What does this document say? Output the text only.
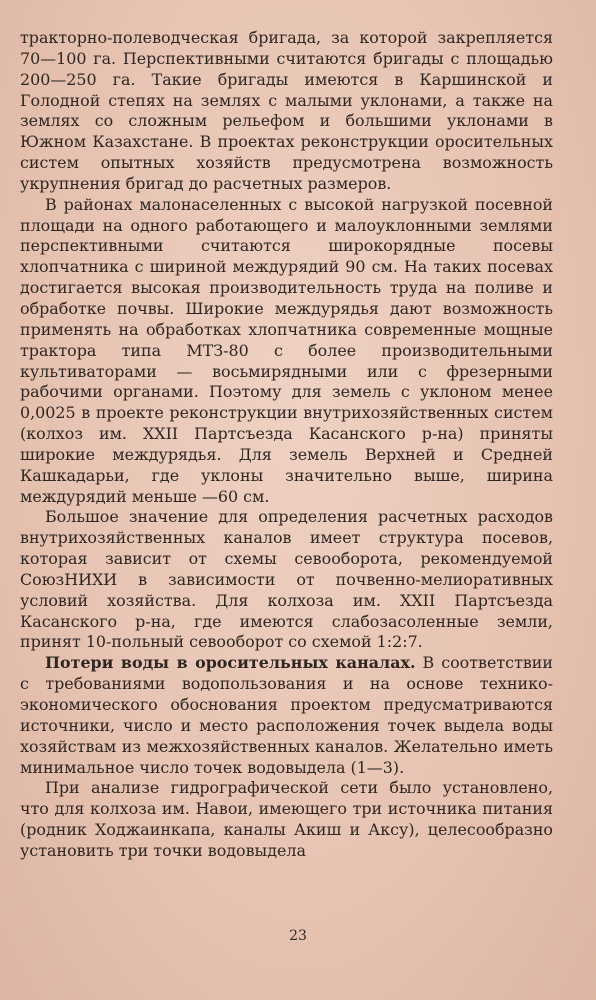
тракторно-полеводческая бригада, за которой закрепляется 70—100 га. Перспективными считаются бригады с площадью 200—250 га. Такие бригады имеются в Каршинской и Голодной степях на землях с малыми уклонами, а также на землях со сложным рельефом и большими уклонами в Южном Казахстане. В проектах реконструкции оросительных систем опытных хозяйств предусмотрена возможность укрупнения бригад до расчетных размеров.

В районах малонаселенных с высокой нагрузкой посевной площади на одного работающего и малоуклонными землями перспективными считаются широкорядные посевы хлопчатника с шириной междурядий 90 см. На таких посевах достигается высокая производительность труда на поливе и обработке почвы. Широкие междурядья дают возможность применять на обработках хлопчатника современные мощные трактора типа МТЗ-80 с более производительными культиваторами — восьмирядными или с фрезерными рабочими органами. Поэтому для земель с уклоном менее 0,0025 в проекте реконструкции внутрихозяйственных систем (колхоз им. XXII Партсъезда Касанского р-на) приняты широкие междурядья. Для земель Верхней и Средней Кашкадарьи, где уклоны значительно выше, ширина междурядий меньше —60 см.

Большое значение для определения расчетных расходов внутрихозяйственных каналов имеет структура посевов, которая зависит от схемы севооборота, рекомендуемой СоюзНИХИ в зависимости от почвенно-мелиоративных условий хозяйства. Для колхоза им. XXII Партсъезда Касанского р-на, где имеются слабозасоленные земли, принят 10-польный севооборот со схемой 1:2:7.

Потери воды в оросительных каналах. В соответствии с требованиями водопользования и на основе технико-экономического обоснования проектом предусматриваются источники, число и место расположения точек выдела воды хозяйствам из межхозяйственных каналов. Желательно иметь минимальное число точек водовыдела (1—3).

При анализе гидрографической сети было установлено, что для колхоза им. Навои, имеющего три источника питания (родник Ходжаинкапа, каналы Акиш и Аксу), целесообразно установить три точки водовыдела

23
